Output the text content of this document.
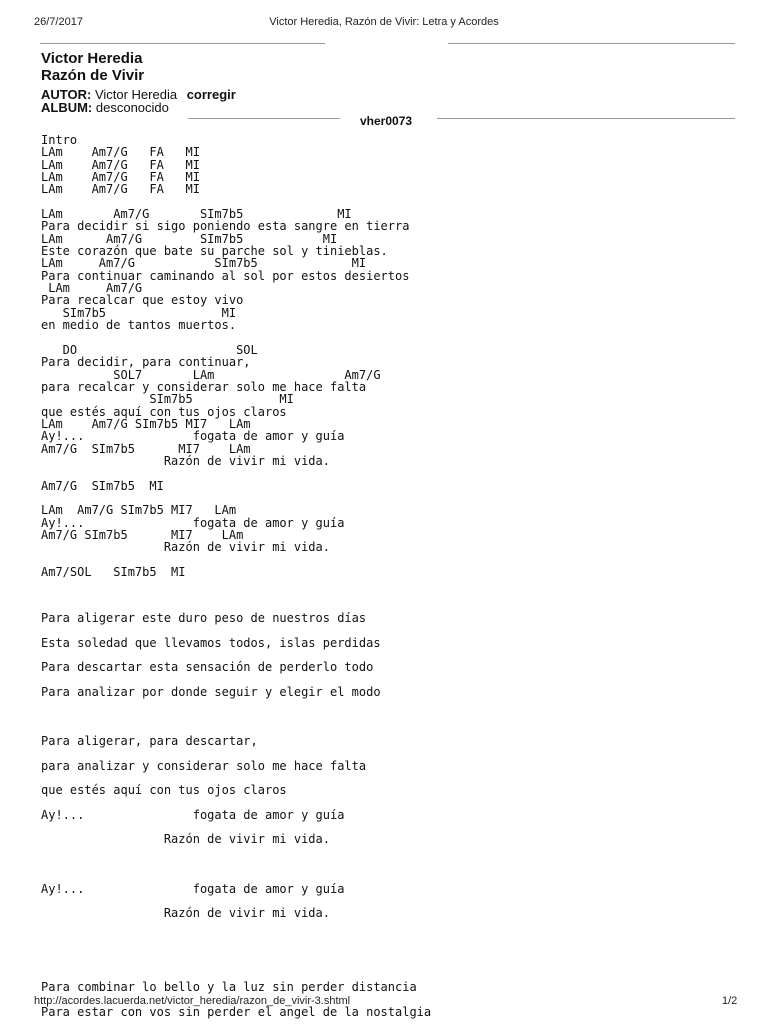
26/7/2017	Victor Heredia, Razón de Vivir: Letra y Acordes
Victor Heredia
Razón de Vivir
AUTOR: Victor Heredia corregir
ALBUM: desconocido
vher0073
Intro
LAm    Am7/G   FA   MI
LAm    Am7/G   FA   MI
LAm    Am7/G   FA   MI
LAm    Am7/G   FA   MI

LAm       Am7/G       SIm7b5             MI
Para decidir si sigo poniendo esta sangre en tierra
LAm      Am7/G        SIm7b5           MI
Este corazón que bate su parche sol y tinieblas.
LAm     Am7/G           SIm7b5             MI
Para continuar caminando al sol por estos desiertos
LAm     Am7/G
Para recalcar que estoy vivo
SIm7b5                MI
en medio de tantos muertos.

DO                      SOL
Para decidir, para continuar,
SOL7       LAm                  Am7/G
para recalcar y considerar solo me hace falta
SIm7b5            MI
que estés aquí con tus ojos claros
LAm    Am7/G SIm7b5 MI7   LAm
Ay!...               fogata de amor y guía
Am7/G  SIm7b5      MI7    LAm
Razón de vivir mi vida.

Am7/G  SIm7b5  MI

LAm  Am7/G SIm7b5 MI7   LAm
Ay!...               fogata de amor y guía
Am7/G SIm7b5      MI7    LAm
Razón de vivir mi vida.

Am7/SOL   SIm7b5  MI
Para aligerar este duro peso de nuestros días
Esta soledad que llevamos todos, islas perdidas
Para descartar esta sensación de perderlo todo
Para analizar por donde seguir y elegir el modo

Para aligerar, para descartar,
para analizar y considerar solo me hace falta
que estés aquí con tus ojos claros
Ay!...               fogata de amor y guía
Razón de vivir mi vida.

Ay!...               fogata de amor y guía
Razón de vivir mi vida.

Para combinar lo bello y la luz sin perder distancia
Para estar con vos sin perder el angel de la nostalgia
http://acordes.lacuerda.net/victor_heredia/razon_de_vivir-3.shtml	1/2
